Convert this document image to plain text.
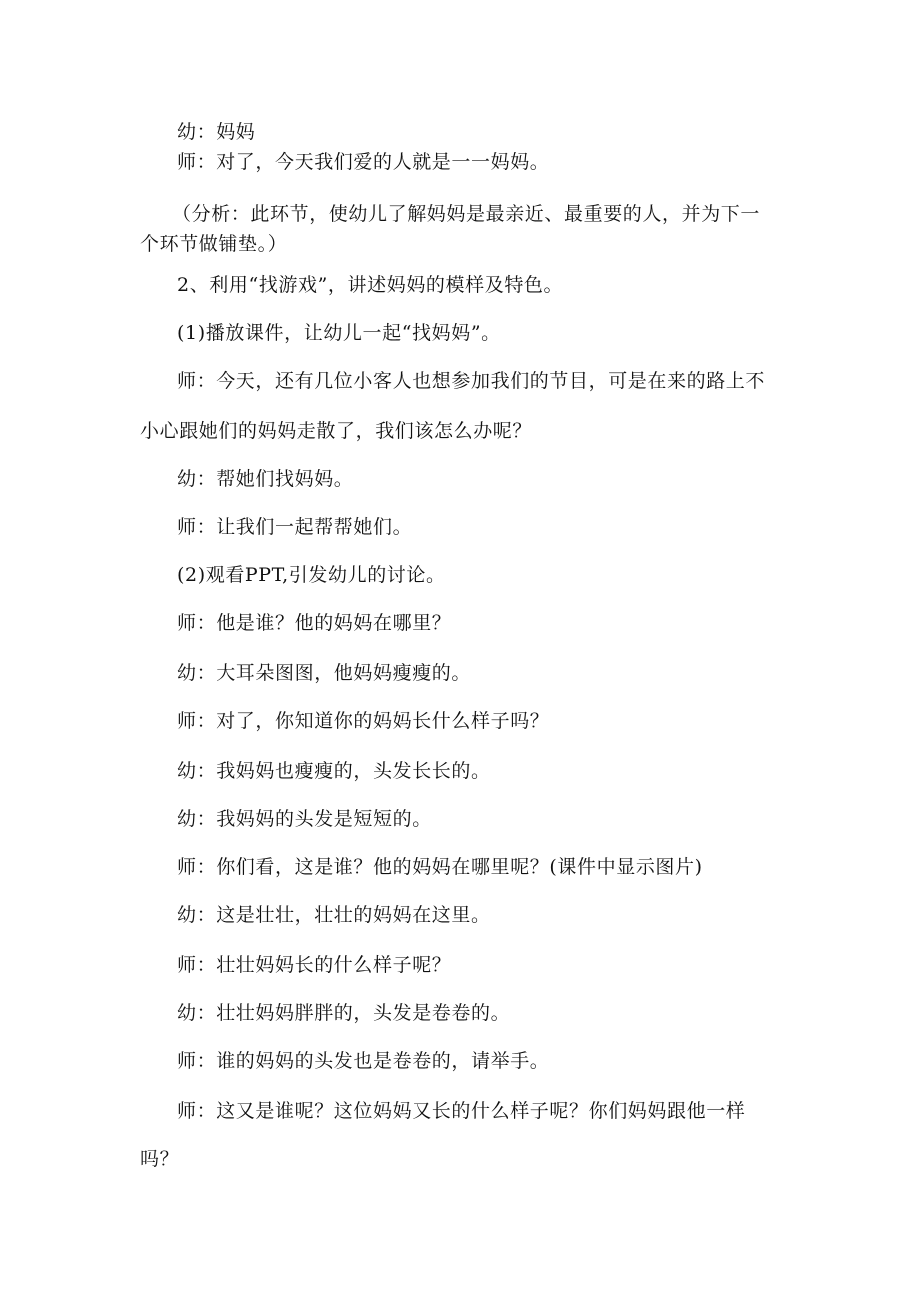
幼：妈妈
师：对了，今天我们爱的人就是一一妈妈。
（分析：此环节，使幼儿了解妈妈是最亲近、最重要的人，并为下一
个环节做铺垫。）
2、利用“找游戏”，讲述妈妈的模样及特色。
(1)播放课件，让幼儿一起“找妈妈”。
师：今天，还有几位小客人也想参加我们的节目，可是在来的路上不
小心跟她们的妈妈走散了，我们该怎么办呢？
幼：帮她们找妈妈。
师：让我们一起帮帮她们。
(2)观看PPT,引发幼儿的讨论。
师：他是谁？他的妈妈在哪里？
幼：大耳朵图图，他妈妈瘦瘦的。
师：对了，你知道你的妈妈长什么样子吗？
幼：我妈妈也瘦瘦的，头发长长的。
幼：我妈妈的头发是短短的。
师：你们看，这是谁？他的妈妈在哪里呢？(课件中显示图片)
幼：这是壮壮，壮壮的妈妈在这里。
师：壮壮妈妈长的什么样子呢？
幼：壮壮妈妈胖胖的，头发是卷卷的。
师：谁的妈妈的头发也是卷卷的，请举手。
师：这又是谁呢？这位妈妈又长的什么样子呢？你们妈妈跟他一样
吗？
